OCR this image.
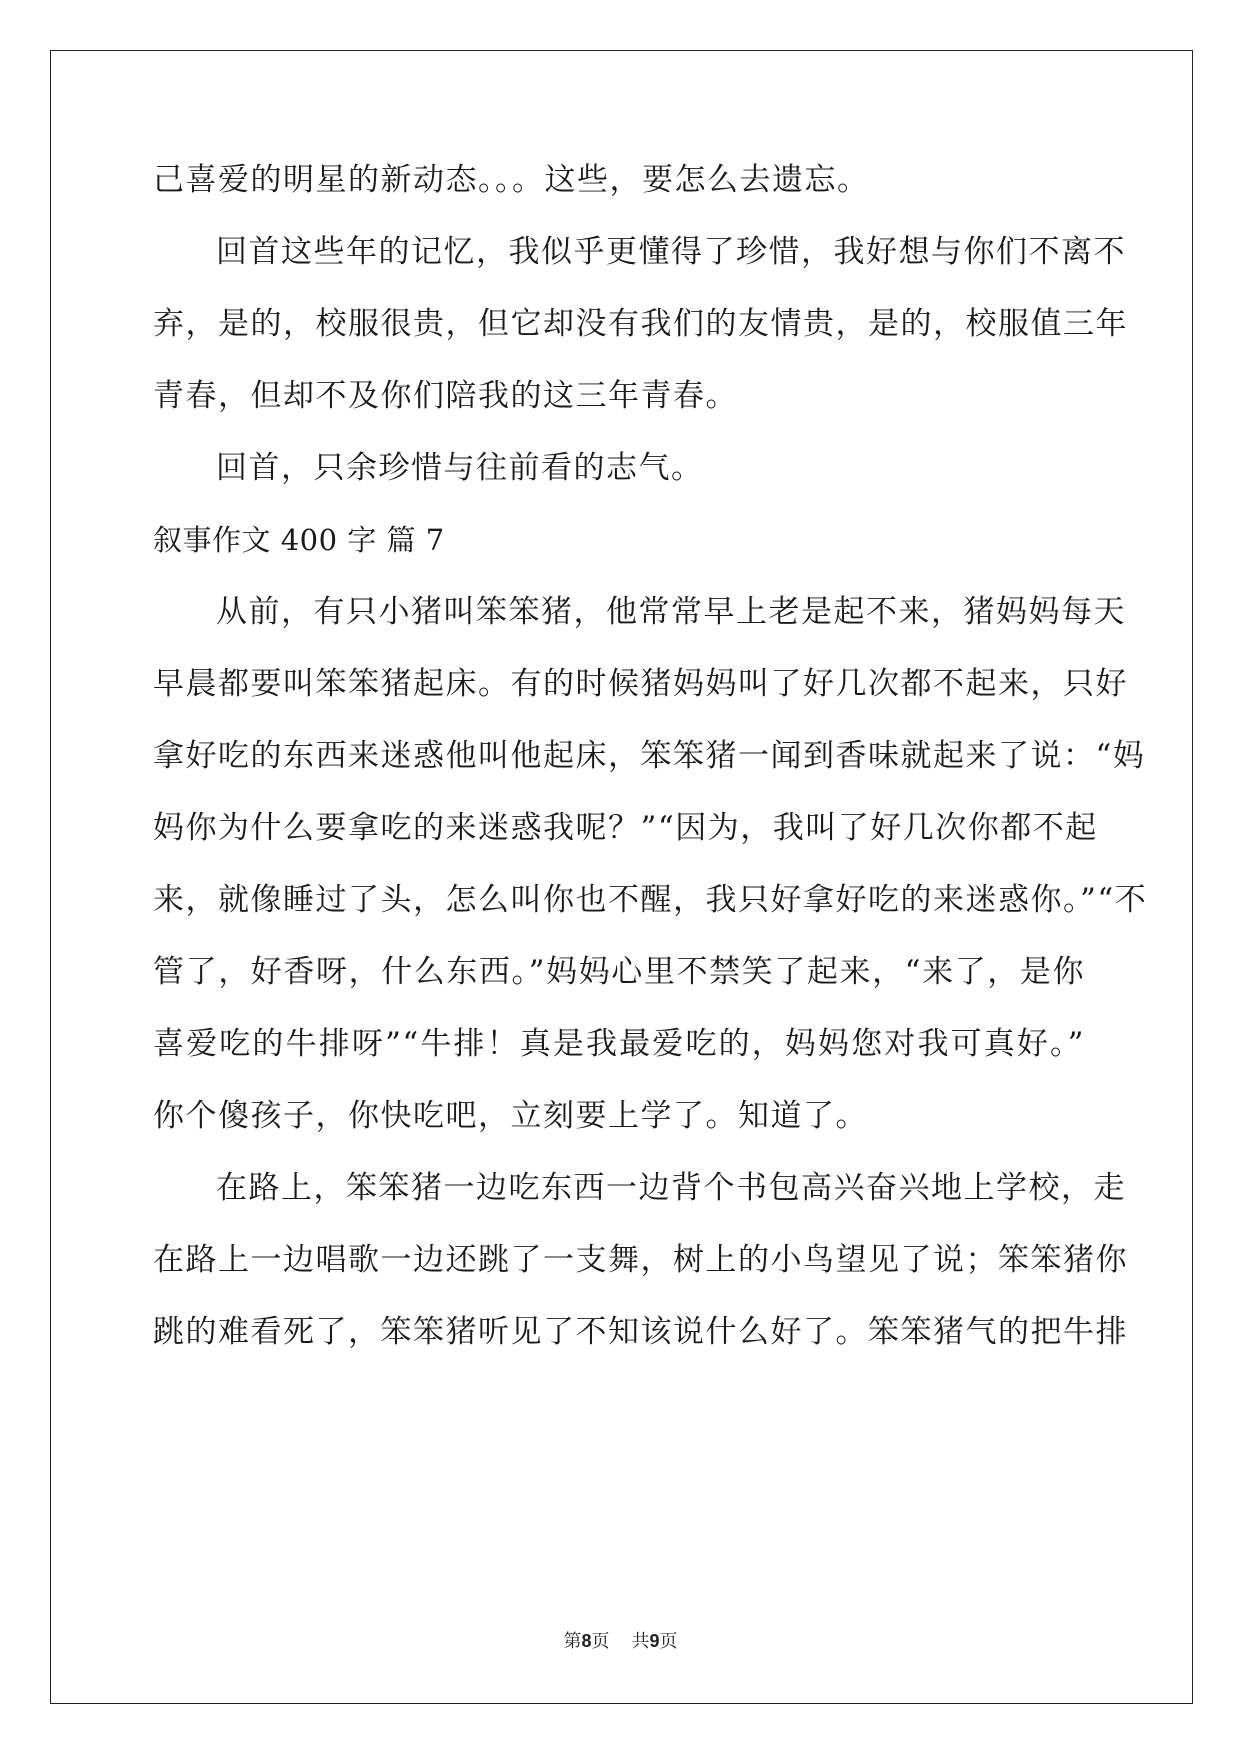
己喜爱的明星的新动态。。。这些，要怎么去遗忘。
回首这些年的记忆，我似乎更懂得了珍惜，我好想与你们不离不
弃，是的，校服很贵，但它却没有我们的友情贵，是的，校服值三年
青春，但却不及你们陪我的这三年青春。
回首，只余珍惜与往前看的志气。
叙事作文 400 字 篇 7
从前，有只小猪叫笨笨猪，他常常早上老是起不来，猪妈妈每天
早晨都要叫笨笨猪起床。有的时候猪妈妈叫了好几次都不起来，只好
拿好吃的东西来迷惑他叫他起床，笨笨猪一闻到香味就起来了说：“妈
妈你为什么要拿吃的来迷惑我呢？”“因为，我叫了好几次你都不起
来，就像睡过了头，怎么叫你也不醒，我只好拿好吃的来迷惑你。”“不
管了，好香呀，什么东西。”妈妈心里不禁笑了起来，“来了，是你
喜爱吃的牛排呀”“牛排！真是我最爱吃的，妈妈您对我可真好。”
你个傻孩子，你快吃吧，立刻要上学了。知道了。
在路上，笨笨猪一边吃东西一边背个书包高兴奋兴地上学校，走
在路上一边唱歌一边还跳了一支舞，树上的小鸟望见了说；笨笨猪你
跳的难看死了，笨笨猪听见了不知该说什么好了。笨笨猪气的把牛排
第8页 共9页
